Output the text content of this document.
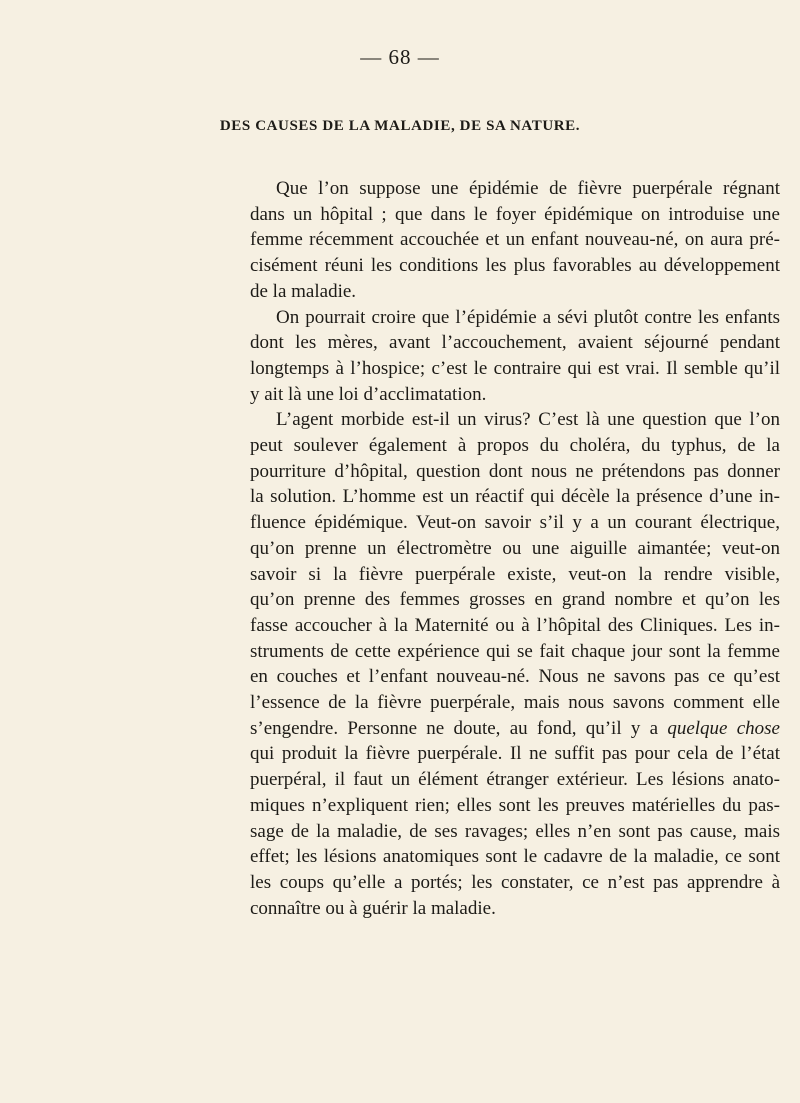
— 68 —
DES CAUSES DE LA MALADIE, DE SA NATURE.
Que l’on suppose une épidémie de fièvre puerpérale régnant
dans un hôpital ; que dans le foyer épidémique on introduise une
femme récemment accouchée et un enfant nouveau-né, on aura pré-
cisément réuni les conditions les plus favorables au développement
de la maladie.
On pourrait croire que l’épidémie a sévi plutôt contre les enfants
dont les mères, avant l’accouchement, avaient séjourné pendant
longtemps à l’hospice; c’est le contraire qui est vrai. Il semble qu’il
y ait là une loi d’acclimatation.
L’agent morbide est-il un virus? C’est là une question que l’on
peut soulever également à propos du choléra, du typhus, de la
pourriture d’hôpital, question dont nous ne prétendons pas donner
la solution. L’homme est un réactif qui décèle la présence d’une in-
fluence épidémique. Veut-on savoir s’il y a un courant électrique,
qu’on prenne un électromètre ou une aiguille aimantée; veut-on
savoir si la fièvre puerpérale existe, veut-on la rendre visible,
qu’on prenne des femmes grosses en grand nombre et qu’on les
fasse accoucher à la Maternité ou à l’hôpital des Cliniques. Les in-
struments de cette expérience qui se fait chaque jour sont la femme
en couches et l’enfant nouveau-né. Nous ne savons pas ce qu’est
l’essence de la fièvre puerpérale, mais nous savons comment elle
s’engendre. Personne ne doute, au fond, qu’il y a quelque chose
qui produit la fièvre puerpérale. Il ne suffit pas pour cela de l’état
puerpéral, il faut un élément étranger extérieur. Les lésions anato-
miques n’expliquent rien; elles sont les preuves matérielles du pas-
sage de la maladie, de ses ravages; elles n’en sont pas cause, mais
effet; les lésions anatomiques sont le cadavre de la maladie, ce sont
les coups qu’elle a portés; les constater, ce n’est pas apprendre à
connaître ou à guérir la maladie.
